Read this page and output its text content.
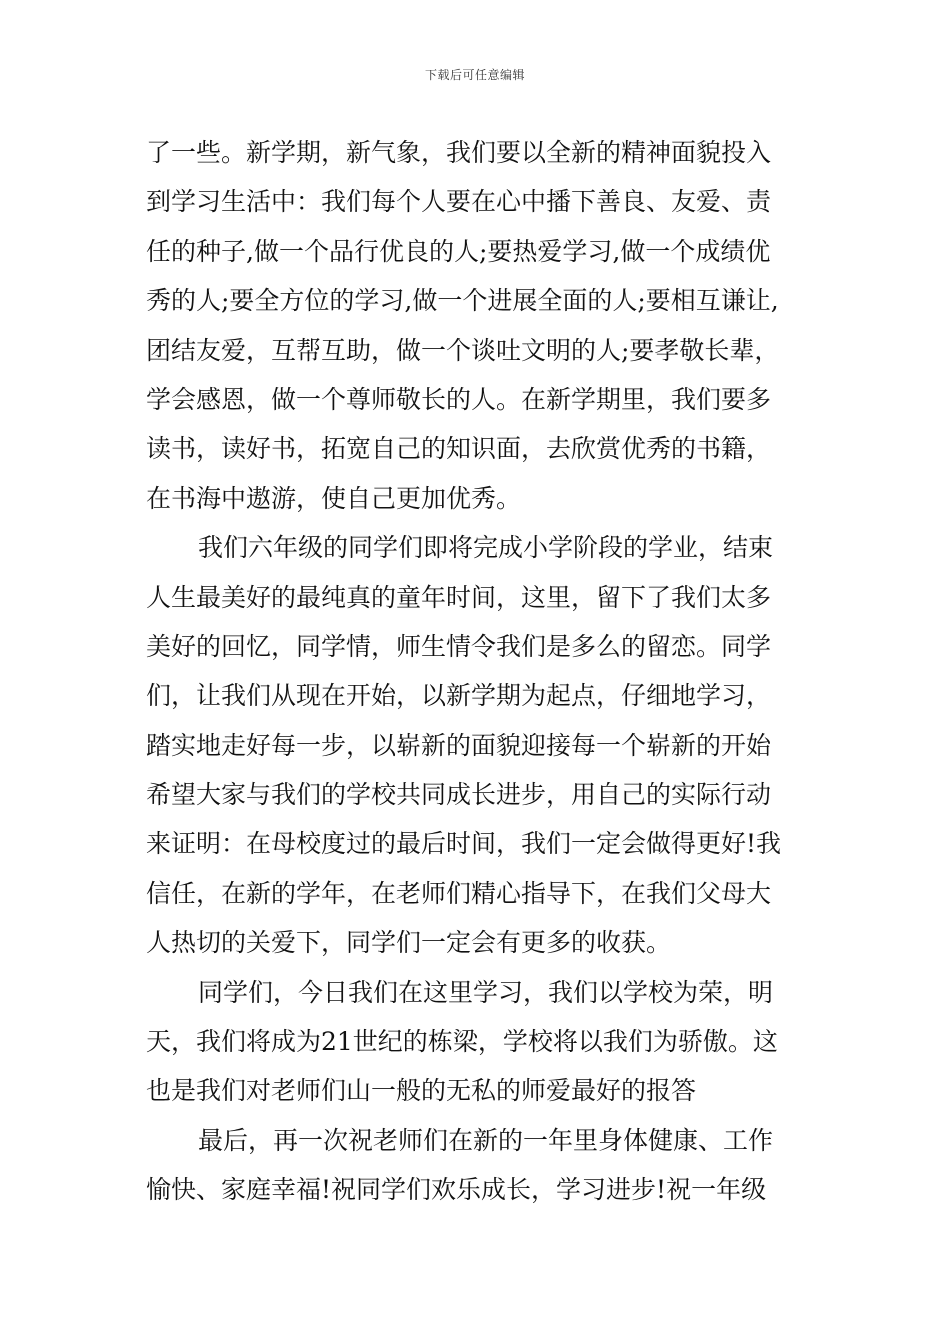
下载后可任意编辑
了一些。新学期，新气象，我们要以全新的精神面貌投入
到学习生活中：我们每个人要在心中播下善良、友爱、责
任的种子,做一个品行优良的人;要热爱学习,做一个成绩优
秀的人;要全方位的学习,做一个进展全面的人;要相互谦让,
团结友爱，互帮互助，做一个谈吐文明的人;要孝敬长辈，
学会感恩，做一个尊师敬长的人。在新学期里，我们要多
读书，读好书，拓宽自己的知识面，去欣赏优秀的书籍，
在书海中遨游，使自己更加优秀。
我们六年级的同学们即将完成小学阶段的学业，结束
人生最美好的最纯真的童年时间，这里，留下了我们太多
美好的回忆，同学情，师生情令我们是多么的留恋。同学
们，让我们从现在开始，以新学期为起点，仔细地学习，
踏实地走好每一步，以崭新的面貌迎接每一个崭新的开始
希望大家与我们的学校共同成长进步，用自己的实际行动
来证明：在母校度过的最后时间，我们一定会做得更好!我
信任，在新的学年，在老师们精心指导下，在我们父母大
人热切的关爱下，同学们一定会有更多的收获。
同学们，今日我们在这里学习，我们以学校为荣，明
天，我们将成为21世纪的栋梁，学校将以我们为骄傲。这
也是我们对老师们山一般的无私的师爱最好的报答
最后，再一次祝老师们在新的一年里身体健康、工作
愉快、家庭幸福!祝同学们欢乐成长，学习进步!祝一年级
